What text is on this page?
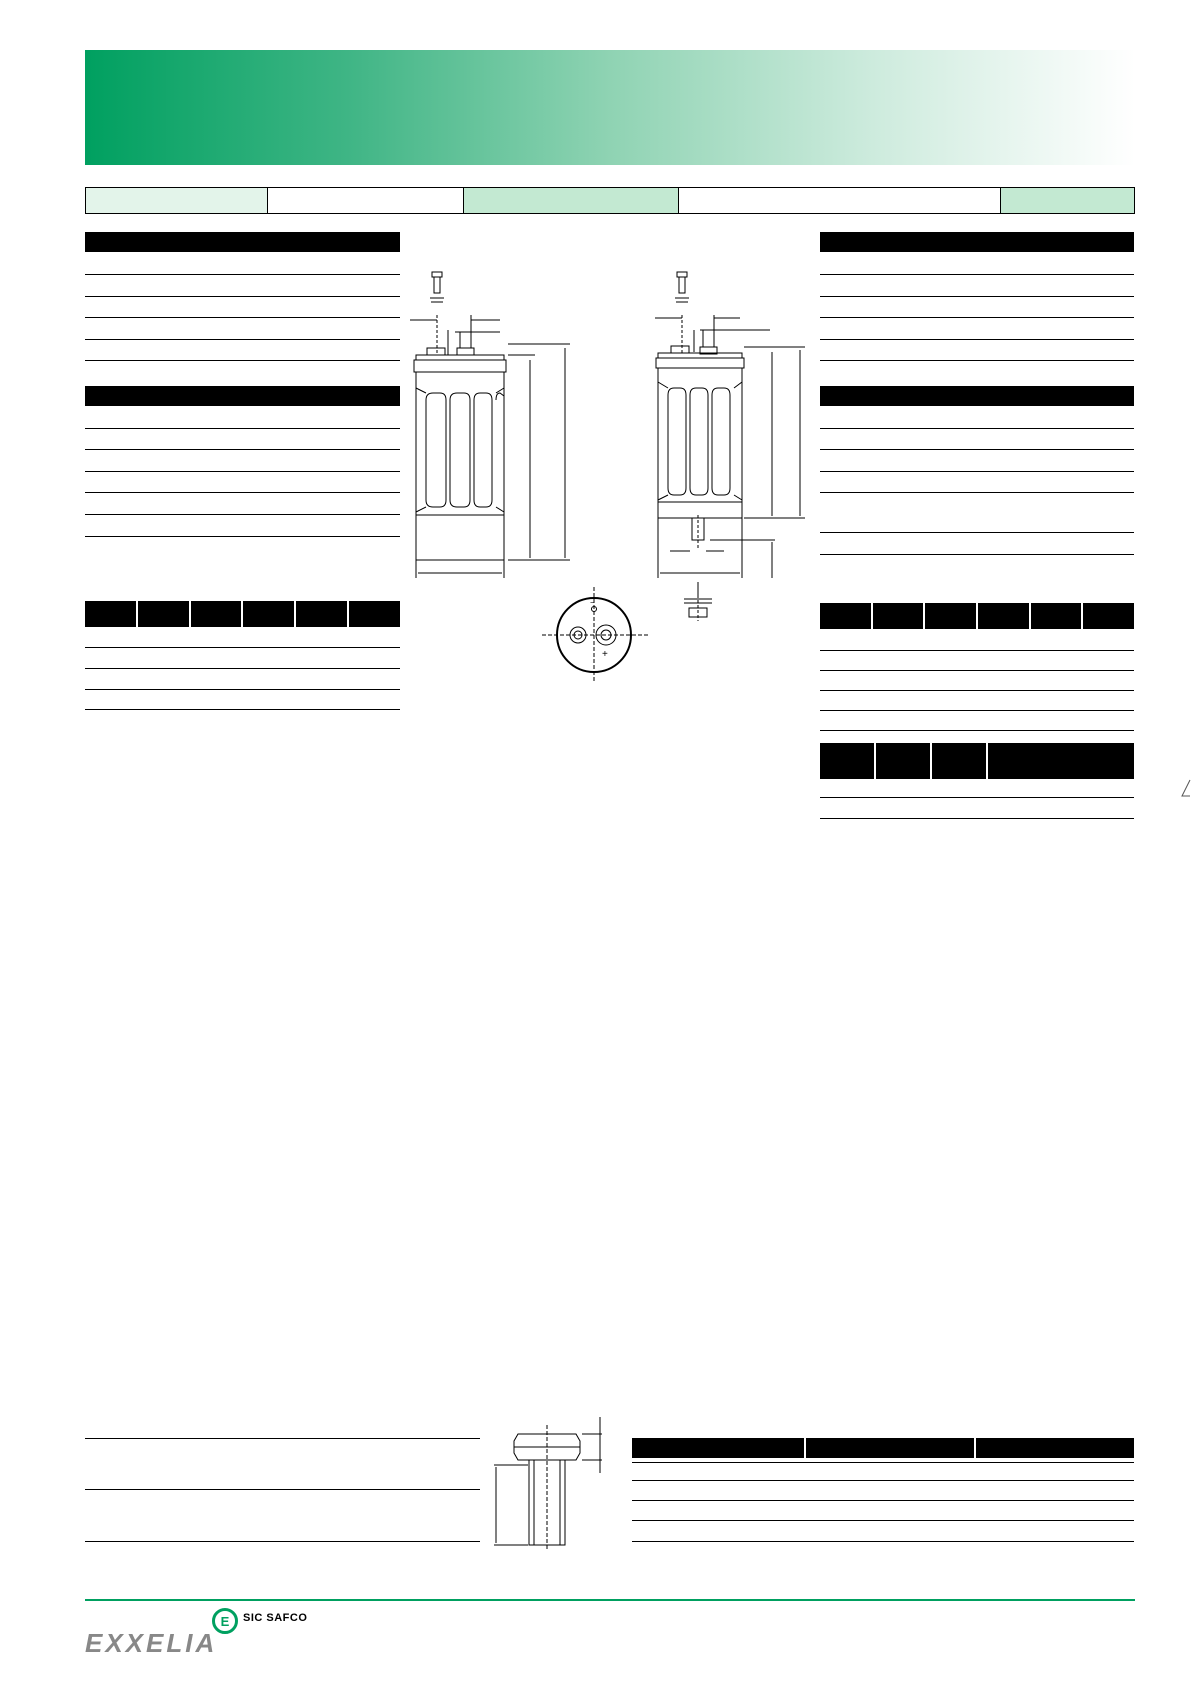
+
−
E SIC SAFCO
EXXELIA
